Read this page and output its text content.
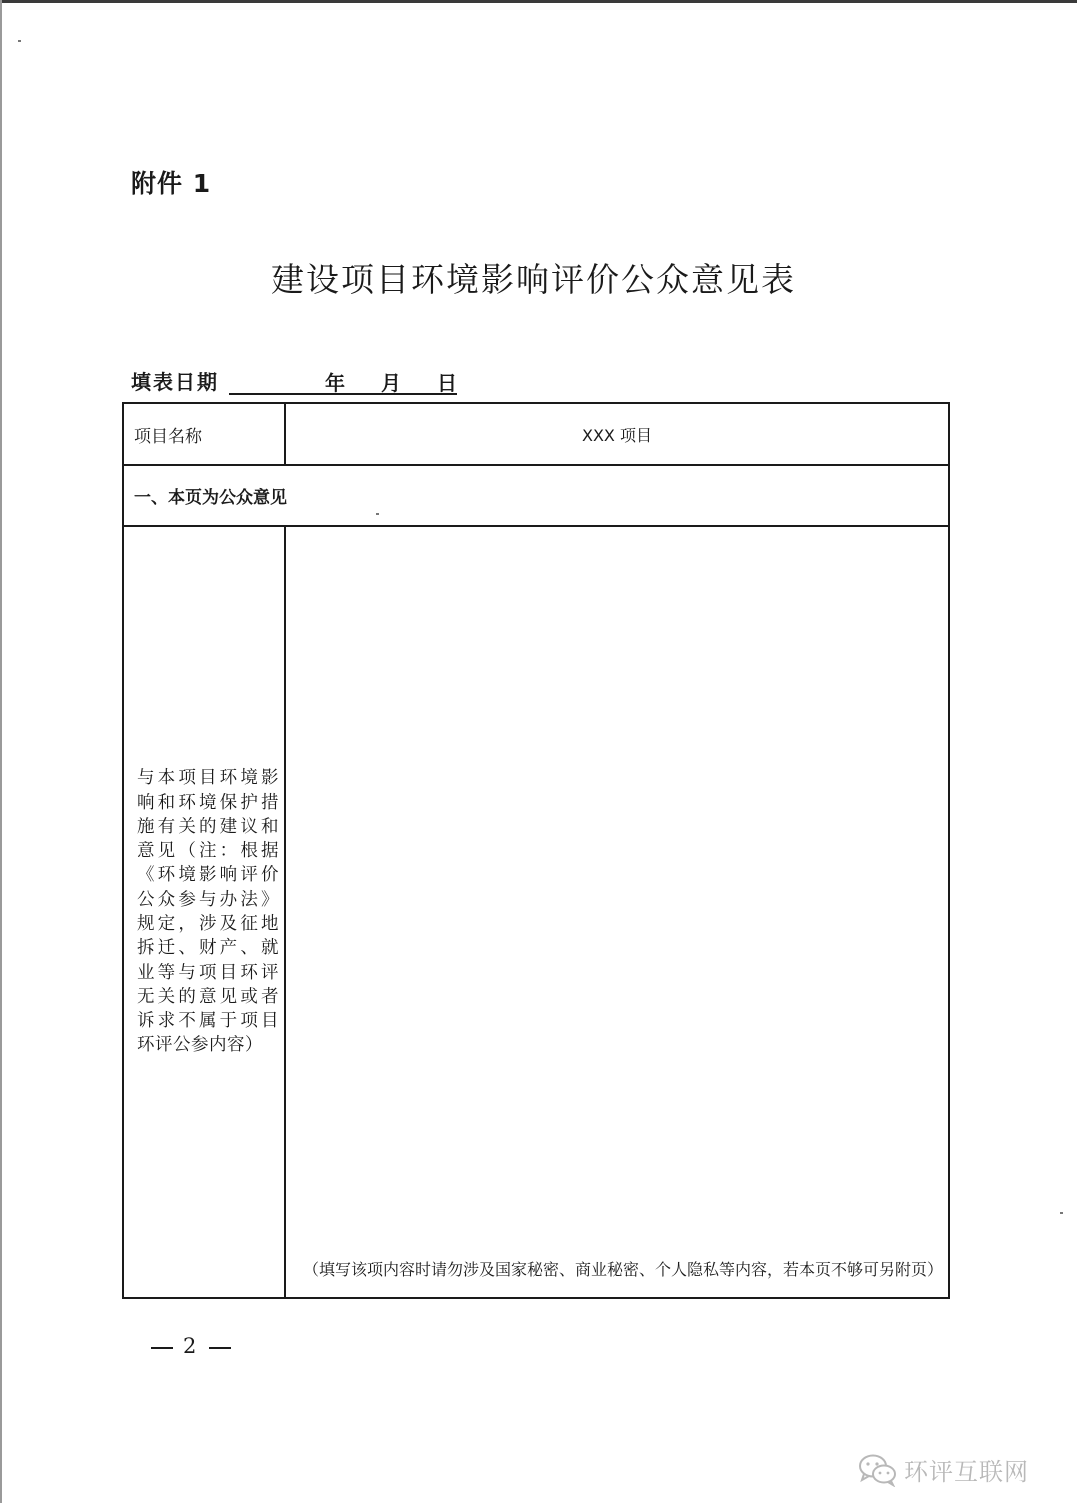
附件 1
建设项目环境影响评价公众意见表
填表日期	年 月 日
项目名称	XXX 项目
一、本页为公众意见	

与本项目环境影响和环境保护措施有关的建议和意见（注：根据《环境影响评价公众参与办法》规定，涉及征地拆迁、财产、就业等与项目环评无关的意见或者诉求不属于项目环评公参内容）	（填写该项内容时请勿涉及国家秘密、商业秘密、个人隐私等内容，若本页不够可另附页）
2
环评互联网
